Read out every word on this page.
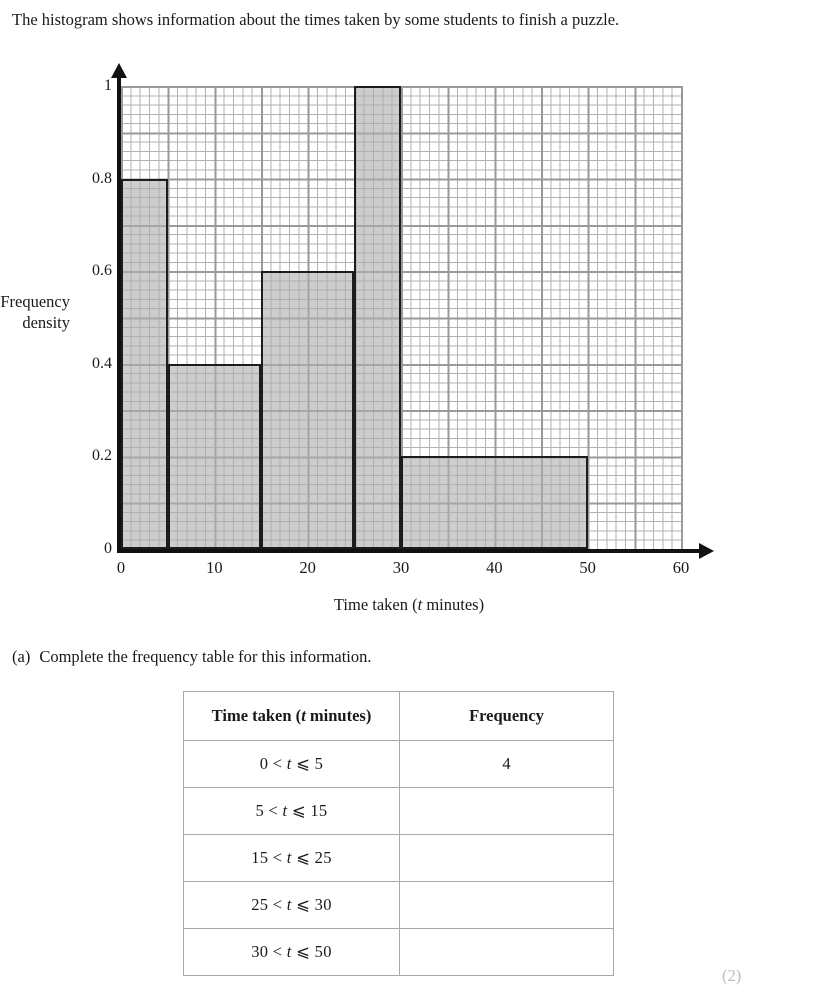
The histogram shows information about the times taken by some students to finish a puzzle.
0
0.2
0.4
0.6
0.8
1
0	10	20	30	40	50	60
Frequency
density
Time taken (t minutes)
(a) Complete the frequency table for this information.
Time taken (t minutes)	Frequency
0 < t ⩽ 5	4
5 < t ⩽ 15	
15 < t ⩽ 25	
25 < t ⩽ 30	
30 < t ⩽ 50	
(2)
